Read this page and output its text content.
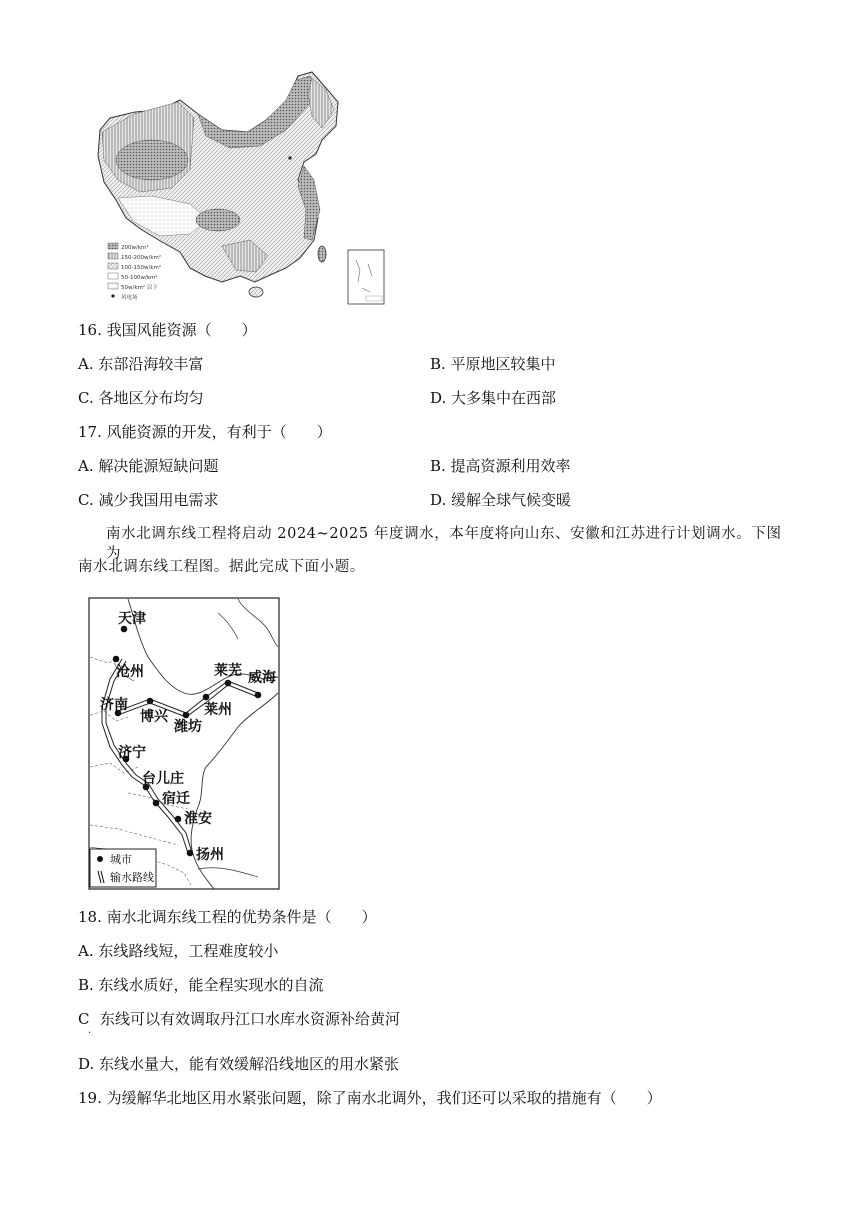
200w/km²
150-200w/km²
100-150w/km²
50-100w/km²
50w/km² 以下
风电场
16. 我国风能资源（　　）
A. 东部沿海较丰富	B. 平原地区较集中
C. 各地区分布均匀	D. 大多集中在西部
17. 风能资源的开发，有利于（　　）
A. 解决能源短缺问题	B. 提高资源利用效率
C. 减少我国用电需求	D. 缓解全球气候变暖
南水北调东线工程将启动 2024~2025 年度调水，本年度将向山东、安徽和江苏进行计划调水。下图为
南水北调东线工程图。据此完成下面小题。
天津
沧州
济南
博兴
潍坊
莱芜
莱州
威海
济宁
台儿庄
宿迁
淮安
扬州
城市
输水路线
18. 南水北调东线工程的优势条件是（　　）
A. 东线路线短，工程难度较小
B. 东线水质好，能全程实现水的自流
C
.
东线可以有效调取丹江口水库水资源补给黄河
D. 东线水量大，能有效缓解沿线地区的用水紧张
19. 为缓解华北地区用水紧张问题，除了南水北调外，我们还可以采取的措施有（　　）
